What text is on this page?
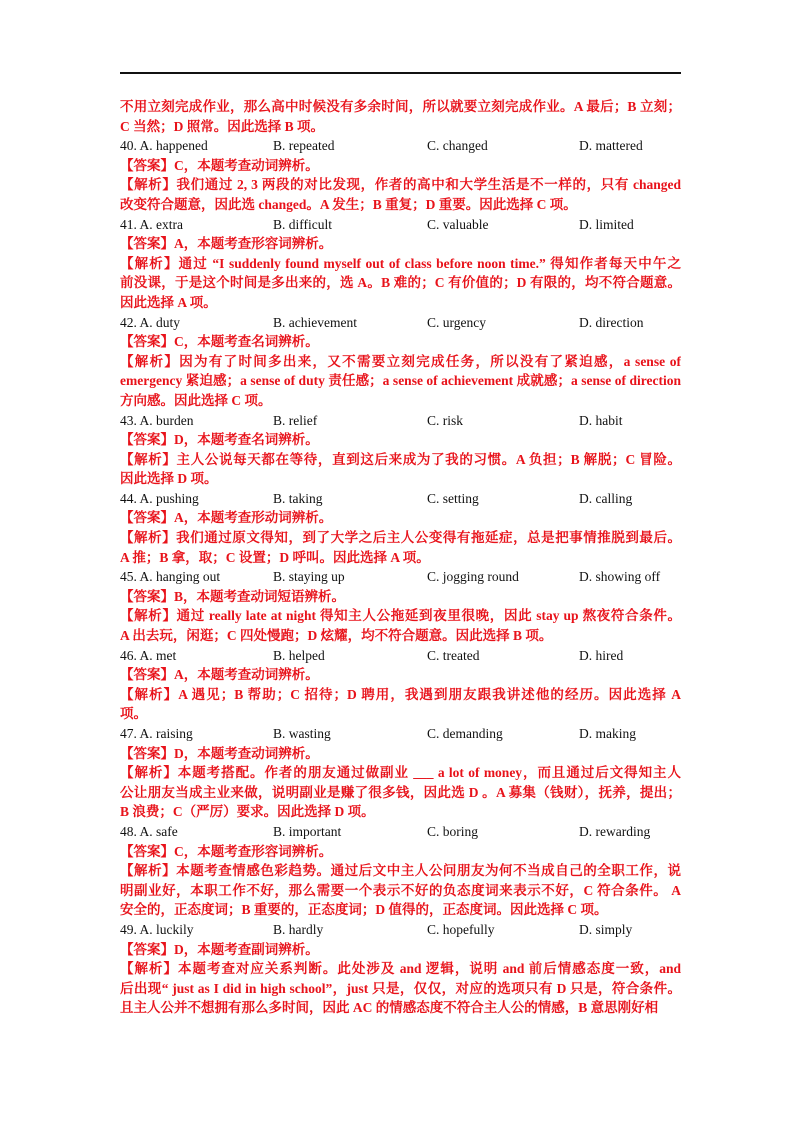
不用立刻完成作业，那么高中时候没有多余时间，所以就要立刻完成作业。A 最后；B 立刻；
C 当然；D 照常。因此选择 B 项。
40. A. happened	B. repeated	C. changed	D. mattered
【答案】C，本题考查动词辨析。
【解析】我们通过 2, 3 两段的对比发现，作者的高中和大学生活是不一样的，只有 changed
改变符合题意，因此选 changed。A 发生；B 重复；D 重要。因此选择 C 项。
41. A. extra	B. difficult	C. valuable	D. limited
【答案】A，本题考查形容词辨析。
【解析】通过 “I suddenly found myself out of class before noon time.” 得知作者每天中午之
前没课，于是这个时间是多出来的，选 A。B 难的；C 有价值的；D 有限的，均不符合题意。
因此选择 A 项。
42. A. duty	B. achievement	C. urgency	D. direction
【答案】C，本题考查名词辨析。
【解析】因为有了时间多出来，又不需要立刻完成任务，所以没有了紧迫感，a sense of
emergency 紧迫感；a sense of duty 责任感；a sense of achievement 成就感；a sense of direction
方向感。因此选择 C 项。
43. A. burden	B. relief	C. risk	D. habit
【答案】D，本题考查名词辨析。
【解析】主人公说每天都在等待，直到这后来成为了我的习惯。A 负担；B 解脱；C 冒险。
因此选择 D 项。
44. A. pushing	B. taking	C. setting	D. calling
【答案】A，本题考查形动词辨析。
【解析】我们通过原文得知，到了大学之后主人公变得有拖延症，总是把事情推脱到最后。
A 推；B 拿，取；C 设置；D 呼叫。因此选择 A 项。
45. A. hanging out	B. staying up	C. jogging round	D. showing off
【答案】B，本题考查动词短语辨析。
【解析】通过 really late at night 得知主人公拖延到夜里很晚，因此 stay up 熬夜符合条件。
A 出去玩，闲逛；C 四处慢跑；D 炫耀，均不符合题意。因此选择 B 项。
46. A. met	B. helped	C. treated	D. hired
【答案】A，本题考查动词辨析。
【解析】A 遇见；B 帮助；C 招待；D 聘用，我遇到朋友跟我讲述他的经历。因此选择 A
项。
47. A. raising	B. wasting	C. demanding	D. making
【答案】D，本题考查动词辨析。
【解析】本题考搭配。作者的朋友通过做副业 ___ a lot of money，而且通过后文得知主人
公让朋友当成主业来做，说明副业是赚了很多钱，因此选 D 。A 募集（钱财），抚养，提出；
B 浪费；C（严厉）要求。因此选择 D 项。
48. A. safe	B. important	C. boring	D. rewarding
【答案】C，本题考查形容词辨析。
【解析】本题考查情感色彩趋势。通过后文中主人公问朋友为何不当成自己的全职工作，说
明副业好，本职工作不好，那么需要一个表示不好的负态度词来表示不好，C 符合条件。 A
安全的，正态度词；B 重要的，正态度词；D 值得的，正态度词。因此选择 C 项。
49. A. luckily	B. hardly	C. hopefully	D. simply
【答案】D，本题考查副词辨析。
【解析】本题考查对应关系判断。此处涉及 and 逻辑，说明 and 前后情感态度一致，and
后出现“ just as I did in high school”，just 只是，仅仅，对应的选项只有 D 只是，符合条件。
且主人公并不想拥有那么多时间，因此 AC 的情感态度不符合主人公的情感，B 意思刚好相
